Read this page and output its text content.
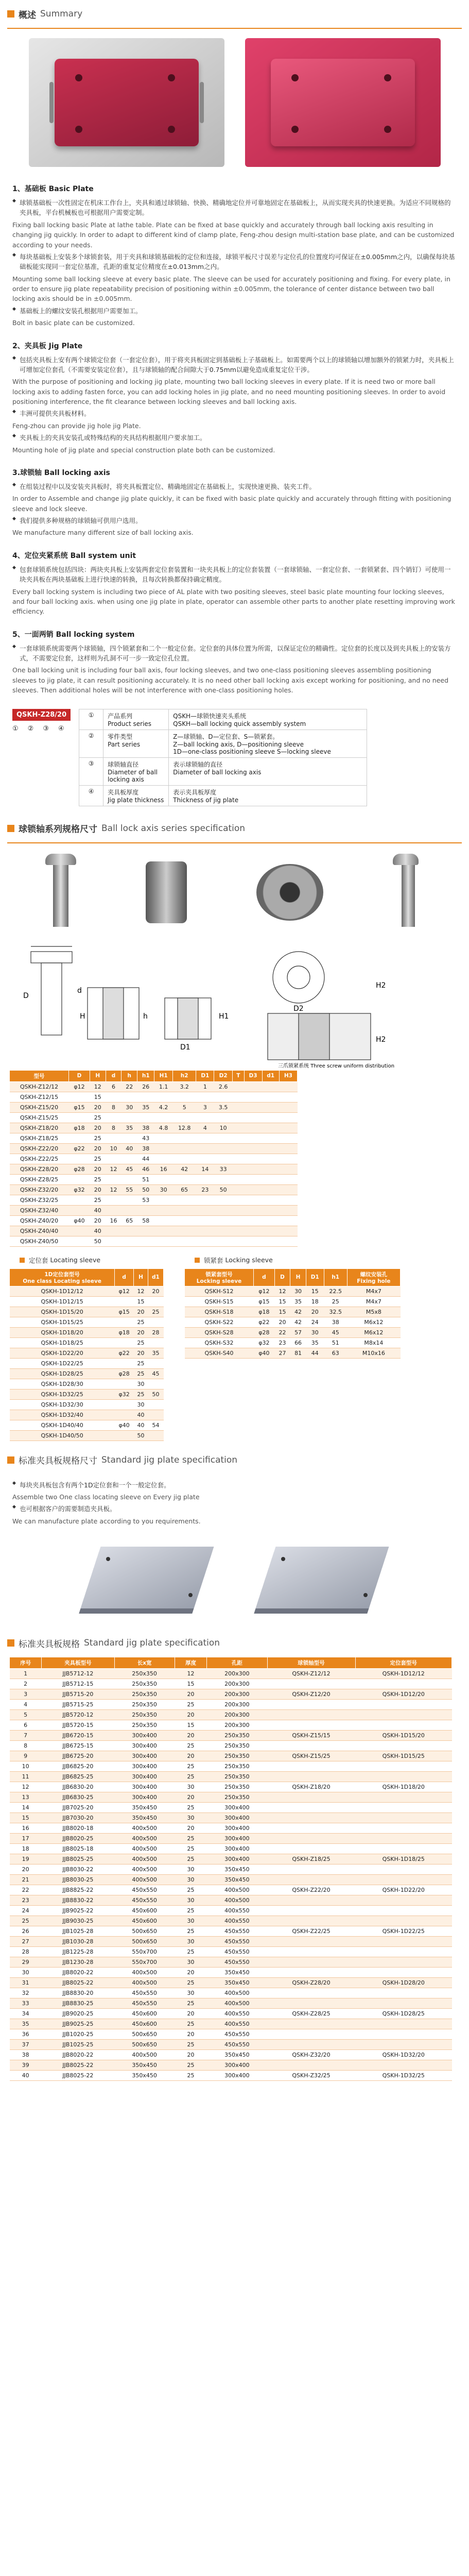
概述 Summary
1、基础板 Basic Plate

◆ 球锁基础板一次性固定在机床工作台上，夹具和通过球锁轴、快换、精确地定位并可靠地固定在基础板上，从而实现夹具的快速更换。为适应不同规格的夹具板，平台机械板也可根据用户需要定制。

Fixing ball locking basic Plate at lathe table. Plate can be fixed at base quickly and accurately through ball locking axis resulting in changing jig quickly. In order to adapt to different kind of clamp plate, Feng-zhou design multi-station base plate, and can be customized according to your needs.

◆ 每块基础板上安装多个球锁套装，用于夹具和球锁基础板的定位和连接，球锁平板尺寸误差与定位孔的位置度均可保证在±0.005mm之内，以确保每块基础板能实现同一套定位基准，孔距的重复定位精度在±0.013mm之内。

Mounting some ball locking sleeve at every basic plate. The sleeve can be used for accurately positioning and fixing. For every plate, in order to ensure jig plate repeatability precision of positioning within ±0.005mm, the tolerance of center distance between two ball locking axis should be in ±0.005mm.

◆ 基础板上的螺纹安装孔根据用户需要加工。

Bolt in basic plate can be customized.

2、夹具板 Jig Plate

◆ 包括夹具板上安有两个球锁定位套（一套定位套），用于将夹具板固定到基础板上子基础板上。如需要两个以上的球锁轴以增加额外的锁紧力时，夹具板上可增加定位套孔（不需要安装定位套），且与球锁轴的配合间隙大于0.75mm以避免造成重复定位干涉。

With the purpose of positioning and locking jig plate, mounting two ball locking sleeves in every plate. If it is need two or more ball locking axis to adding fasten force, you can add locking holes in jig plate, and no need mounting positioning sleeves. In order to avoid positioning interference, the fit clearance between locking sleeves and ball locking axis.

◆ 丰洲可提供夹具板材料。

Feng-zhou can provide jig hole jig Plate.

◆ 夹具板上的夹具安装孔或特殊结构的夹具结构根据用户要求加工。

Mounting hole of jig plate and special construction plate both can be customized.

3.球锁轴 Ball locking axis

◆ 在组装过程中以及安装夹具板时，将夹具板置定位、精确地固定在基础板上，实现快速更换、装夹工件。

In order to Assemble and change jig plate quickly, it can be fixed with basic plate quickly and accurately through fitting with positioning sleeve and lock sleeve.

◆ 我们提供多种规格的球锁轴可供用户选用。

We manufacture many different size of ball locking axis.

4、定位夹紧系统 Ball system unit

◆ 包套球锁系统包括四块：两块夹具板上安装两套定位套装置和一块夹具板上的定位套装置（一套球锁轴、一套定位套、一套锁紧套、四个销钉）可使用一块夹具板在两块基础板上进行快速的转换，且每次转换都保持确定精度。

Every ball locking system is including two piece of AL plate with two positing sleeves, steel basic plate mounting four locking sleeves, and four ball locking axis. when using one jig plate in plate, operator can assemble other parts to another plate resetting improving work efficiency.

5、一面两销 Ball locking system

◆ 一套球锁系统需要两个球锁轴，四个锁紧套和二个一般定位套。定位套的具体位置为所需，以保证定位的精确性。定位套的长度以及到夹具板上的安装方式，不需要定位套，这样则为孔洞不可一步一致定位孔位置。

One ball locking unit is including four ball axis, four locking sleeves, and two one-class positioning sleeves assembling positioning sleeves to jig plate, it can result positioning accurately. It is no need other ball locking axis except working for positioning, and no need sleeves. Then additional holes will be not interference with one-class positioning holes.

QSKH-Z28/20
① ② ③ ④
①	产品系列
Product series	QSKH—球锁快速夹头系统
QSKH—ball locking quick assembly system
②	零件类型
Part series	Z—球锁轴、D—定位套、S—锁紧套。
Z—ball locking axis, D—positioning sleeve
1D—one-class positioning sleeve S—locking sleeve
③	球锁轴直径
Diameter of ball locking axis	表示球锁轴的直径
Diameter of ball locking axis
④	夹具板厚度
Jig plate thickness	表示夹具板厚度
Thickness of jig plate
球锁轴系列规格尺寸 Ball lock axis series specification
D
d
H	h
D1
D2
H1
H2
H2
三爪锁紧系统 Three screw uniform distribution
型号	D	H	d	h	h1	H1	h2	D1	D2	T	D3	d1	H3
QSKH-Z12/12	φ12	12	6	22	26	1.1	3.2	1	2.6				
QSKH-Z12/15		15											
QSKH-Z15/20	φ15	20	8	30	35	4.2	5	3	3.5				
QSKH-Z15/25		25											
QSKH-Z18/20	φ18	20	8	35	38	4.8	12.8	4	10				
QSKH-Z18/25		25			43								
QSKH-Z22/20	φ22	20	10	40	38								
QSKH-Z22/25		25			44								
QSKH-Z28/20	φ28	20	12	45	46	16	42	14	33				
QSKH-Z28/25		25			51								
QSKH-Z32/20	φ32	20	12	55	50	30	65	23	50				
QSKH-Z32/25		25			53								
QSKH-Z32/40		40											
QSKH-Z40/20	φ40	20	16	65	58								
QSKH-Z40/40		40											
QSKH-Z40/50		50											
定位套
Locating sleeve
1D定位套型号
One class Locating sleeve	d	H	d1
QSKH-1D12/12	φ12	12	20
QSKH-1D12/15		15	
QSKH-1D15/20	φ15	20	25
QSKH-1D15/25		25	
QSKH-1D18/20	φ18	20	28
QSKH-1D18/25		25	
QSKH-1D22/20	φ22	20	35
QSKH-1D22/25		25	
QSKH-1D28/25	φ28	25	45
QSKH-1D28/30		30	
QSKH-1D32/25	φ32	25	50
QSKH-1D32/30		30	
QSKH-1D32/40		40	
QSKH-1D40/40	φ40	40	54
QSKH-1D40/50		50	
锁紧套
Locking sleeve
锁紧套型号
Locking sleeve	d	D	H	D1	h1	螺纹安装孔
Fixing hole
QSKH-S12	φ12	12	30	15	22.5	M4x7
QSKH-S15	φ15	15	35	18	25	M4x7
QSKH-S18	φ18	15	42	20	32.5	M5x8
QSKH-S22	φ22	20	42	24	38	M6x12
QSKH-S28	φ28	22	57	30	45	M6x12
QSKH-S32	φ32	23	66	35	51	M8x14
QSKH-S40	φ40	27	81	44	63	M10x16
标准夹具板规格尺寸 Standard jig plate specification

◆ 每块夹具板包含有两个1D定位套和一个一般定位套。

Assemble two One class locating sleeve on Every jig plate

◆ 也可根据客户的需要制造夹具板。

We can manufacture plate according to you requirements.

标准夹具板规格 Standard jig plate specification
序号	夹具板型号	长x宽	厚度	孔距	球锁轴型号	定位套型号
1	JJB5712-12	250x350	12	200x300	QSKH-Z12/12	QSKH-1D12/12
2	JJB5712-15	250x350	15	200x300		
3	JJB5715-20	250x350	20	200x300	QSKH-Z12/20	QSKH-1D12/20
4	JJB5715-25	250x350	25	200x300		
5	JJB5720-12	250x350	20	200x300		
6	JJB5720-15	250x350	15	200x300		
7	JJB6720-15	300x400	20	250x350	QSKH-Z15/15	QSKH-1D15/20
8	JJB6725-15	300x400	25	250x350		
9	JJB6725-20	300x400	20	250x350	QSKH-Z15/25	QSKH-1D15/25
10	JJB6825-20	300x400	25	250x350		
11	JJB6825-25	300x400	25	250x350		
12	JJB6830-20	300x400	30	250x350	QSKH-Z18/20	QSKH-1D18/20
13	JJB6830-25	300x400	20	250x350		
14	JJB7025-20	350x450	25	300x400		
15	JJB7030-20	350x450	30	300x400		
16	JJB8020-18	400x500	20	300x400		
17	JJB8020-25	400x500	25	300x400		
18	JJB8025-18	400x500	25	300x400		
19	JJB8025-25	400x500	25	300x400	QSKH-Z18/25	QSKH-1D18/25
20	JJB8030-22	400x500	30	350x450		
21	JJB8030-25	400x500	30	350x450		
22	JJB8825-22	450x550	25	400x500	QSKH-Z22/20	QSKH-1D22/20
23	JJB8830-22	450x550	30	400x500		
24	JJB9025-22	450x600	25	400x550		
25	JJB9030-25	450x600	30	400x550		
26	JJB1025-28	500x650	25	450x550	QSKH-Z22/25	QSKH-1D22/25
27	JJB1030-28	500x650	30	450x550		
28	JJB1225-28	550x700	25	450x550		
29	JJB1230-28	550x700	30	450x550		
30	JJB8020-22	400x500	20	350x450		
31	JJB8025-22	400x500	25	350x450	QSKH-Z28/20	QSKH-1D28/20
32	JJB8830-20	450x550	30	400x500		
33	JJB8830-25	450x550	25	400x500		
34	JJB9020-25	450x600	20	400x550	QSKH-Z28/25	QSKH-1D28/25
35	JJB9025-25	450x600	25	400x550		
36	JJB1020-25	500x650	20	450x550		
37	JJB1025-25	500x650	25	450x550		
38	JJB8020-22	400x500	20	350x450	QSKH-Z32/20	QSKH-1D32/20
39	JJB8025-22	350x450	25	300x400		
40	JJB8025-22	350x450	25	300x400	QSKH-Z32/25	QSKH-1D32/25
